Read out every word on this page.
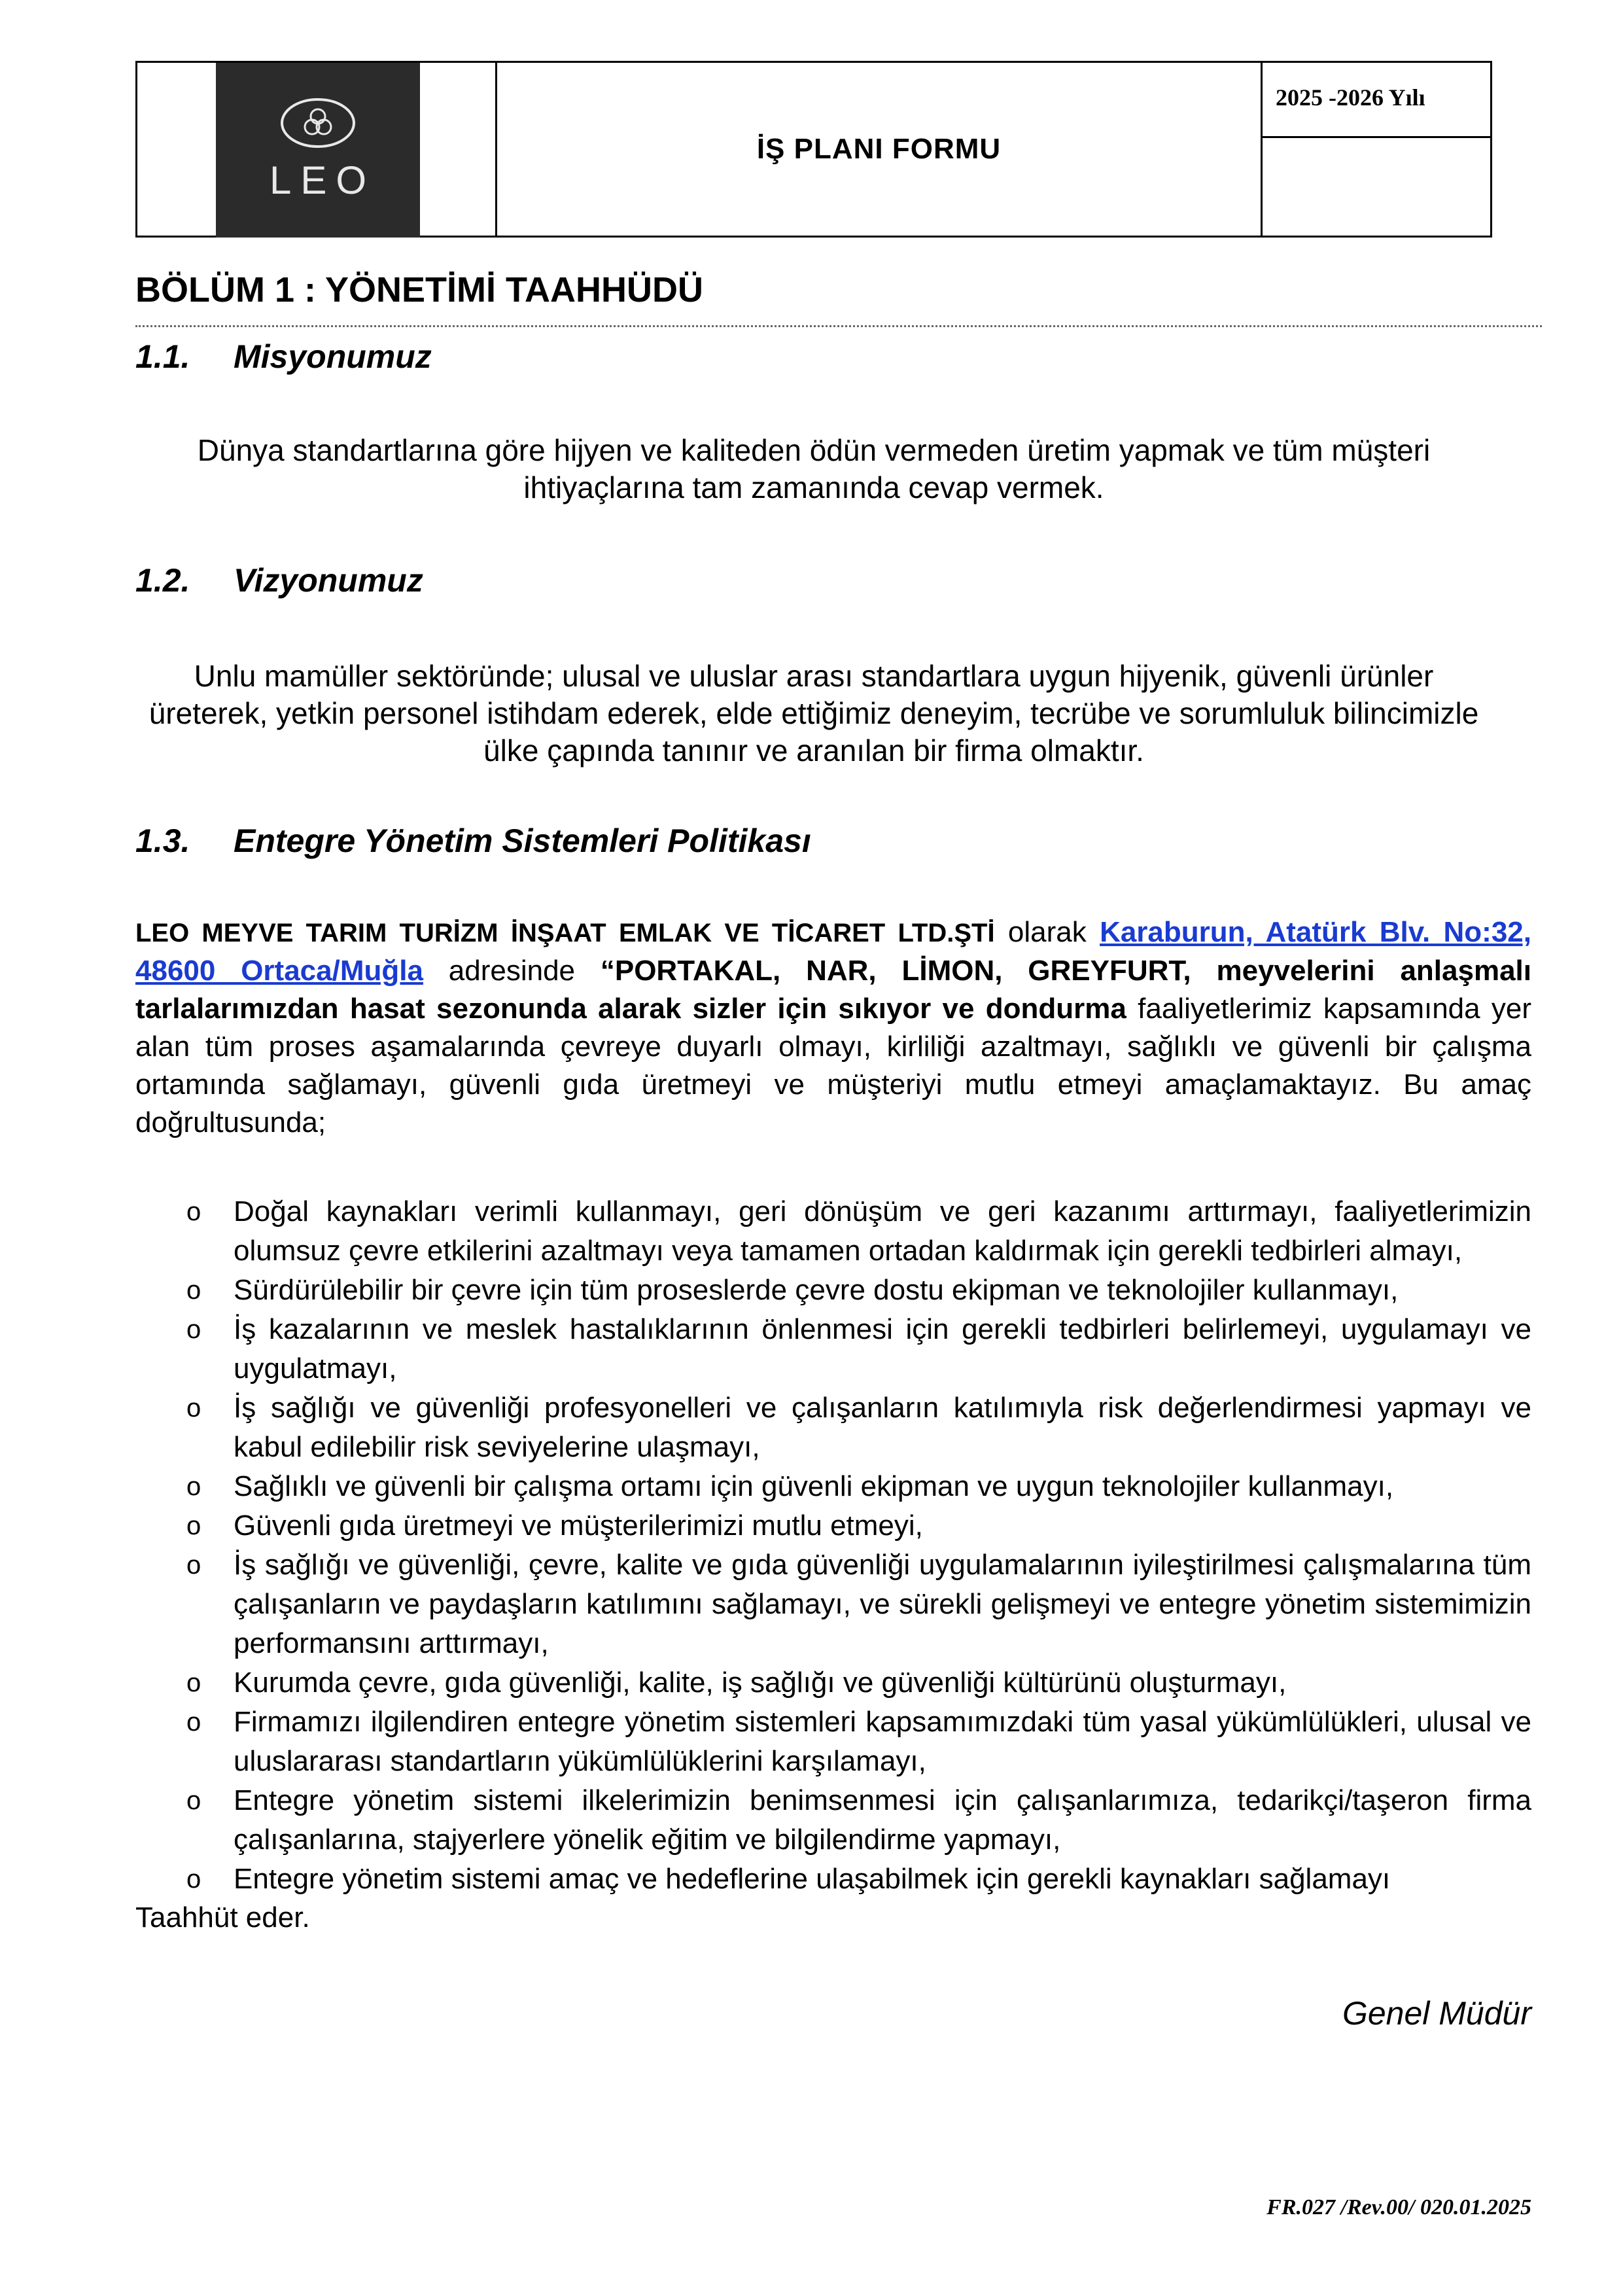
LEO
İŞ PLANI FORMU
2025 -2026 Yılı
BÖLÜM 1 : YÖNETİMİ TAAHHÜDÜ
1.1. Misyonumuz

Dünya standartlarına göre hijyen ve kaliteden ödün vermeden üretim yapmak ve tüm müşteri ihtiyaçlarına tam zamanında cevap vermek.

1.2. Vizyonumuz

Unlu mamüller sektöründe; ulusal ve uluslar arası standartlara uygun hijyenik, güvenli ürünler üreterek, yetkin personel istihdam ederek, elde ettiğimiz deneyim, tecrübe ve sorumluluk bilincimizle ülke çapında tanınır ve aranılan bir firma olmaktır.

1.3. Entegre Yönetim Sistemleri Politikası

LEO MEYVE TARIM TURİZM İNŞAAT EMLAK VE TİCARET LTD.ŞTİ olarak Karaburun, Atatürk Blv. No:32, 48600 Ortaca/Muğla adresinde “PORTAKAL, NAR, LİMON, GREYFURT, meyvelerini anlaşmalı tarlalarımızdan hasat sezonunda alarak sizler için sıkıyor ve dondurma faaliyetlerimiz kapsamında yer alan tüm proses aşamalarında çevreye duyarlı olmayı, kirliliği azaltmayı, sağlıklı ve güvenli bir çalışma ortamında sağlamayı, güvenli gıda üretmeyi ve müşteriyi mutlu etmeyi amaçlamaktayız. Bu amaç doğrultusunda;

o Doğal kaynakları verimli kullanmayı, geri dönüşüm ve geri kazanımı arttırmayı, faaliyetlerimizin olumsuz çevre etkilerini azaltmayı veya tamamen ortadan kaldırmak için gerekli tedbirleri almayı,
o Sürdürülebilir bir çevre için tüm proseslerde çevre dostu ekipman ve teknolojiler kullanmayı,
o İş kazalarının ve meslek hastalıklarının önlenmesi için gerekli tedbirleri belirlemeyi, uygulamayı ve uygulatmayı,
o İş sağlığı ve güvenliği profesyonelleri ve çalışanların katılımıyla risk değerlendirmesi yapmayı ve kabul edilebilir risk seviyelerine ulaşmayı,
o Sağlıklı ve güvenli bir çalışma ortamı için güvenli ekipman ve uygun teknolojiler kullanmayı,
o Güvenli gıda üretmeyi ve müşterilerimizi mutlu etmeyi,
o İş sağlığı ve güvenliği, çevre, kalite ve gıda güvenliği uygulamalarının iyileştirilmesi çalışmalarına tüm çalışanların ve paydaşların katılımını sağlamayı, ve sürekli gelişmeyi ve entegre yönetim sistemimizin performansını arttırmayı,
o Kurumda çevre, gıda güvenliği, kalite, iş sağlığı ve güvenliği kültürünü oluşturmayı,
o Firmamızı ilgilendiren entegre yönetim sistemleri kapsamımızdaki tüm yasal yükümlülükleri, ulusal ve uluslararası standartların yükümlülüklerini karşılamayı,
o Entegre yönetim sistemi ilkelerimizin benimsenmesi için çalışanlarımıza, tedarikçi/taşeron firma çalışanlarına, stajyerlere yönelik eğitim ve bilgilendirme yapmayı,
o Entegre yönetim sistemi amaç ve hedeflerine ulaşabilmek için gerekli kaynakları sağlamayı
Taahhüt eder.
Genel Müdür
FR.027 /Rev.00/ 020.01.2025
